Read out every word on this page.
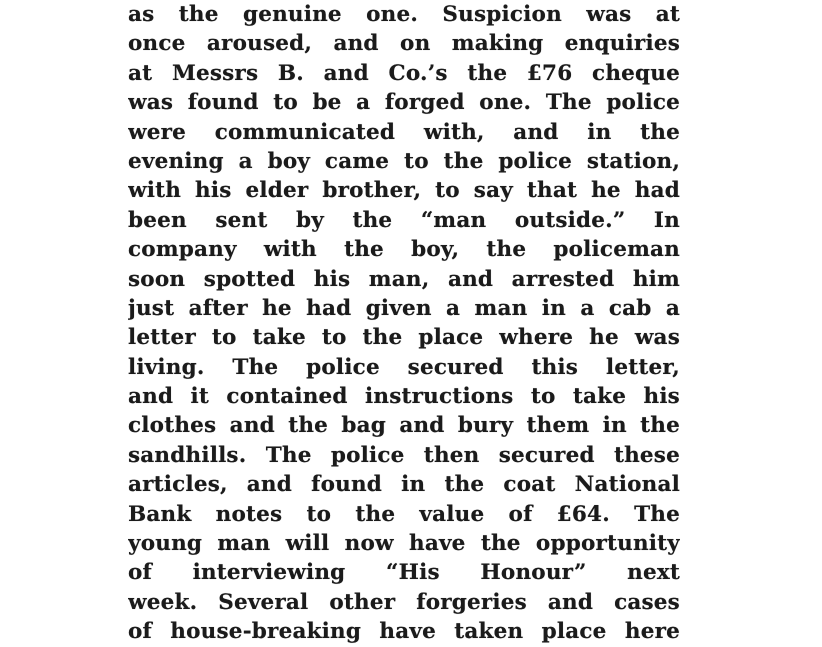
as the genuine one. Suspicion was at

once aroused, and on making enquiries

at Messrs B. and Co.’s the £76 cheque

was found to be a forged one. The police

were communicated with, and in the

evening a boy came to the police station,

with his elder brother, to say that he had

been sent by the “man outside.” In

company with the boy, the policeman

soon spotted his man, and arrested him

just after he had given a man in a cab a

letter to take to the place where he was

living. The police secured this letter,

and it contained instructions to take his

clothes and the bag and bury them in the

sandhills. The police then secured these

articles, and found in the coat National

Bank notes to the value of £64. The

young man will now have the opportunity

of interviewing “His Honour” next

week. Several other forgeries and cases

of house-breaking have taken place here
